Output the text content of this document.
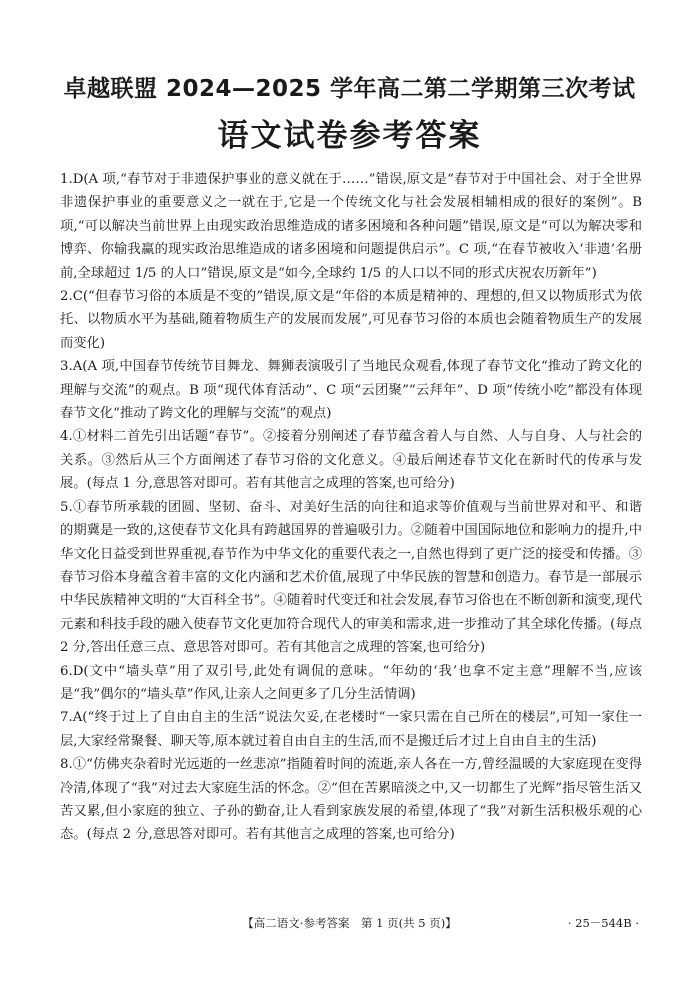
卓越联盟 2024—2025 学年高二第二学期第三次考试
语文试卷参考答案

1.D(A 项,“春节对于非遗保护事业的意义就在于……”错误,原文是“春节对于中国社会、对于全世界非遗保护事业的重要意义之一就在于,它是一个传统文化与社会发展相辅相成的很好的案例”。B 项,“可以解决当前世界上由现实政治思维造成的诸多困境和各种问题”错误,原文是“可以为解决零和博弈、你输我赢的现实政治思维造成的诸多困境和问题提供启示”。C 项,“在春节被收入‘非遗’名册前,全球超过 1/5 的人口”错误,原文是“如今,全球约 1/5 的人口以不同的形式庆祝农历新年”)

2.C(“但春节习俗的本质是不变的”错误,原文是“年俗的本质是精神的、理想的,但又以物质形式为依托、以物质水平为基础,随着物质生产的发展而发展”,可见春节习俗的本质也会随着物质生产的发展而变化)

3.A(A 项,中国春节传统节目舞龙、舞狮表演吸引了当地民众观看,体现了春节文化“推动了跨文化的理解与交流”的观点。B 项“现代体育活动”、C 项“云团聚”“云拜年”、D 项“传统小吃”都没有体现春节文化“推动了跨文化的理解与交流”的观点)

4.①材料二首先引出话题“春节”。②接着分别阐述了春节蕴含着人与自然、人与自身、人与社会的关系。③然后从三个方面阐述了春节习俗的文化意义。④最后阐述春节文化在新时代的传承与发展。(每点 1 分,意思答对即可。若有其他言之成理的答案,也可给分)

5.①春节所承载的团圆、坚韧、奋斗、对美好生活的向往和追求等价值观与当前世界对和平、和谐的期冀是一致的,这使春节文化具有跨越国界的普遍吸引力。②随着中国国际地位和影响力的提升,中华文化日益受到世界重视,春节作为中华文化的重要代表之一,自然也得到了更广泛的接受和传播。③春节习俗本身蕴含着丰富的文化内涵和艺术价值,展现了中华民族的智慧和创造力。春节是一部展示中华民族精神文明的“大百科全书”。④随着时代变迁和社会发展,春节习俗也在不断创新和演变,现代元素和科技手段的融入使春节文化更加符合现代人的审美和需求,进一步推动了其全球化传播。(每点 2 分,答出任意三点、意思答对即可。若有其他言之成理的答案,也可给分)

6.D(文中“墙头草”用了双引号,此处有调侃的意味。“年幼的‘我’也拿不定主意”理解不当,应该是“我”偶尔的“墙头草”作风,让亲人之间更多了几分生活情调)

7.A(“终于过上了自由自主的生活”说法欠妥,在老楼时“一家只需在自己所在的楼层”,可知一家住一层,大家经常聚餐、聊天等,原本就过着自由自主的生活,而不是搬迁后才过上自由自主的生活)

8.①“仿佛夹杂着时光远逝的一丝悲凉”指随着时间的流逝,亲人各在一方,曾经温暖的大家庭现在变得冷清,体现了“我”对过去大家庭生活的怀念。②“但在苦累暗淡之中,又一切都生了光辉”指尽管生活又苦又累,但小家庭的独立、子孙的勤奋,让人看到家族发展的希望,体现了“我”对新生活积极乐观的心态。(每点 2 分,意思答对即可。若有其他言之成理的答案,也可给分)

【高二语文·参考答案　第 1 页(共 5 页)】	· 25－544B ·
